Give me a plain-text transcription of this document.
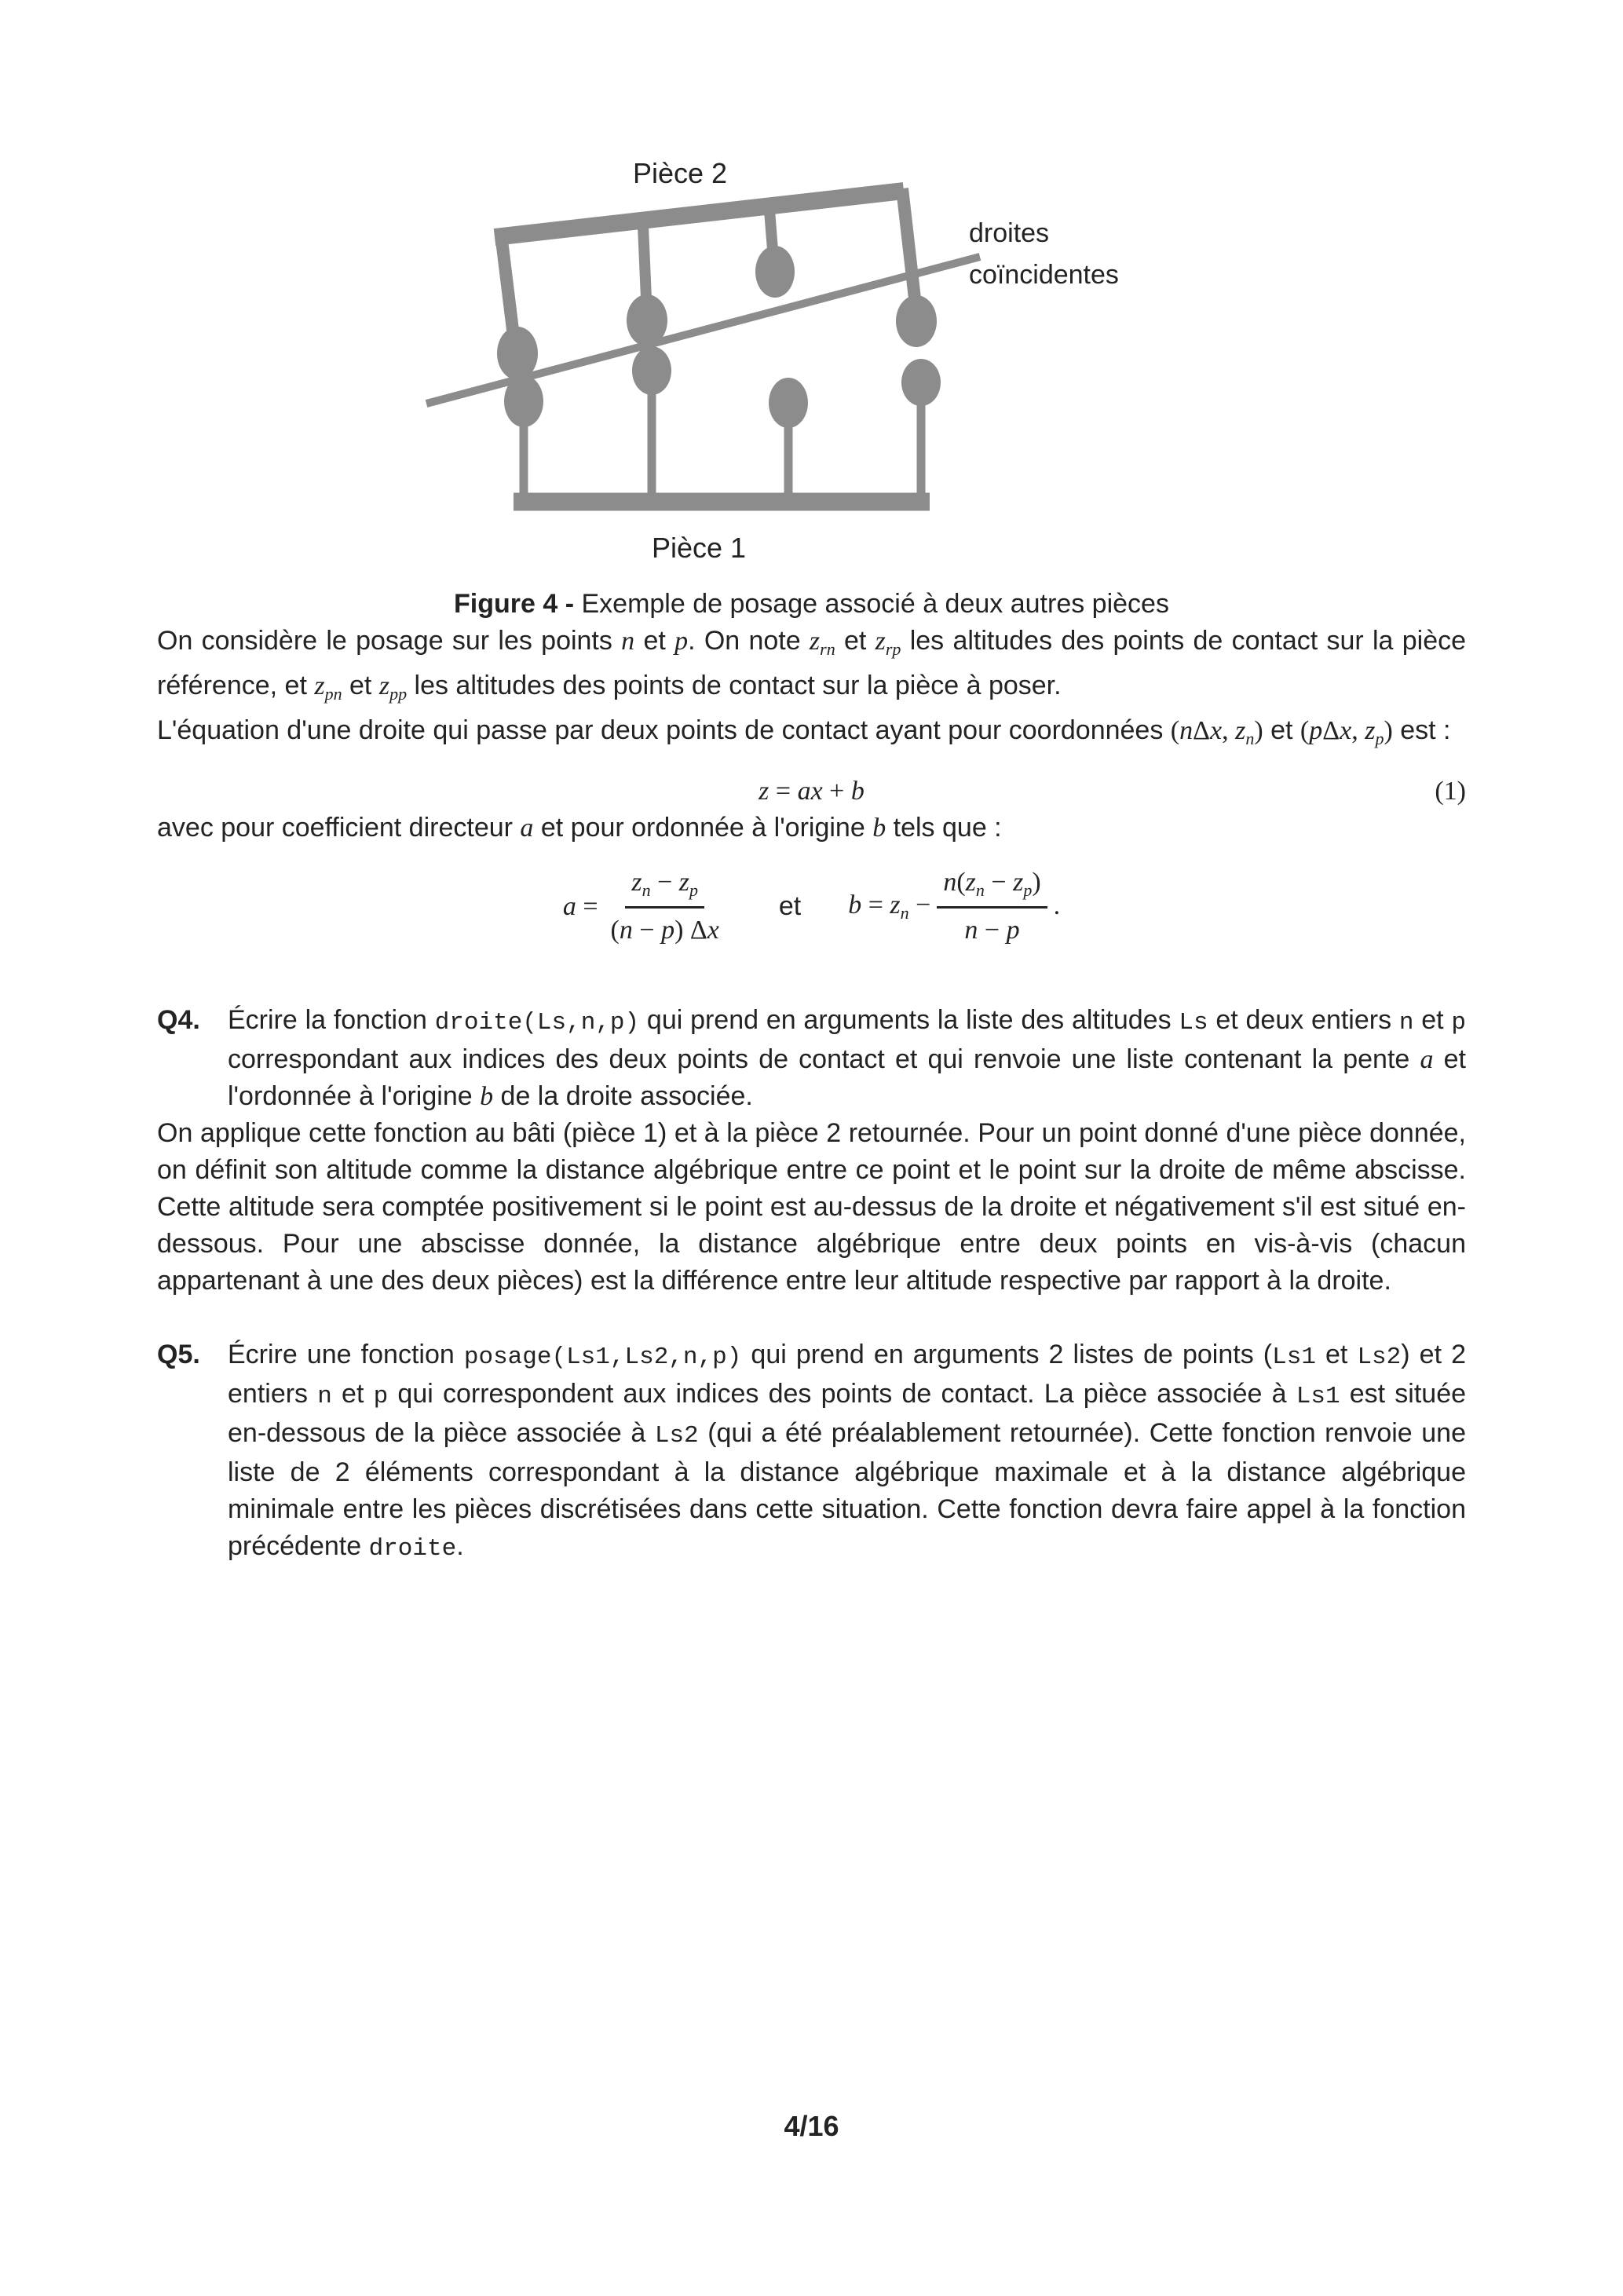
Pièce 2
Pièce 1
droites
coïncidentes
Figure 4 - Exemple de posage associé à deux autres pièces

On considère le posage sur les points n et p. On note $z_{rn}$ et $z_{rp}$ les altitudes des points de contact sur la pièce référence, et $z_{pn}$ et $z_{pp}$ les altitudes des points de contact sur la pièce à poser.

L'équation d'une droite qui passe par deux points de contact ayant pour coordonnées (nΔx, $z_n$) et (pΔx, $z_p$) est :

z = ax + b	(1)

avec pour coefficient directeur a et pour ordonnée à l'origine b tels que :

$a = \frac{z_n - z_p}{(n - p) \Delta x}$ et $b = z_n - \frac{n(z_n - z_p)}{n - p}$ .
Q4.	Écrire la fonction droite(Ls,n,p) qui prend en arguments la liste des altitudes Ls et deux entiers n et p correspondant aux indices des deux points de contact et qui renvoie une liste contenant la pente a et l'ordonnée à l'origine b de la droite associée.

On applique cette fonction au bâti (pièce 1) et à la pièce 2 retournée. Pour un point donné d'une pièce donnée, on définit son altitude comme la distance algébrique entre ce point et le point sur la droite de même abscisse. Cette altitude sera comptée positivement si le point est au-dessus de la droite et négativement s'il est situé en-dessous. Pour une abscisse donnée, la distance algébrique entre deux points en vis-à-vis (chacun appartenant à une des deux pièces) est la différence entre leur altitude respective par rapport à la droite.

Q5.	Écrire une fonction posage(Ls1,Ls2,n,p) qui prend en arguments 2 listes de points (Ls1 et Ls2) et 2 entiers n et p qui correspondent aux indices des points de contact. La pièce associée à Ls1 est située en-dessous de la pièce associée à Ls2 (qui a été préalablement retournée). Cette fonction renvoie une liste de 2 éléments correspondant à la distance algébrique maximale et à la distance algébrique minimale entre les pièces discrétisées dans cette situation. Cette fonction devra faire appel à la fonction précédente droite.
4/16
